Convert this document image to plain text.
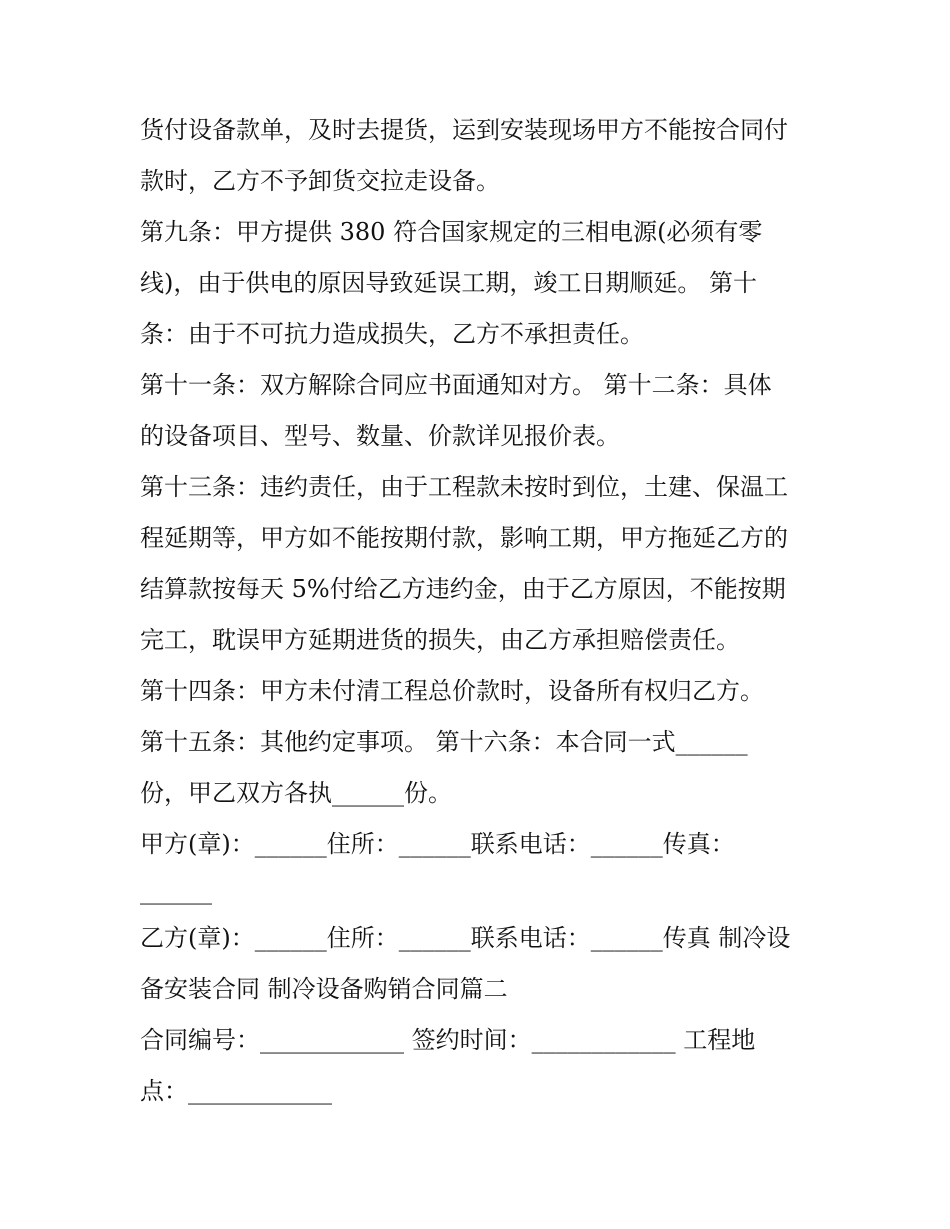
货付设备款单，及时去提货，运到安装现场甲方不能按合同付
款时，乙方不予卸货交拉走设备。
第九条：甲方提供 380 符合国家规定的三相电源(必须有零
线)，由于供电的原因导致延误工期，竣工日期顺延。 第十
条：由于不可抗力造成损失，乙方不承担责任。
第十一条：双方解除合同应书面通知对方。 第十二条：具体
的设备项目、型号、数量、价款详见报价表。
第十三条：违约责任，由于工程款未按时到位，土建、保温工
程延期等，甲方如不能按期付款，影响工期，甲方拖延乙方的
结算款按每天 5%付给乙方违约金，由于乙方原因，不能按期
完工，耽误甲方延期进货的损失，由乙方承担赔偿责任。
第十四条：甲方未付清工程总价款时，设备所有权归乙方。
第十五条：其他约定事项。 第十六条：本合同一式______
份，甲乙双方各执______份。
甲方(章)：______住所：______联系电话：______传真：
______
乙方(章)：______住所：______联系电话：______传真 制冷设
备安装合同 制冷设备购销合同篇二
合同编号：____________ 签约时间：____________ 工程地
点：____________
